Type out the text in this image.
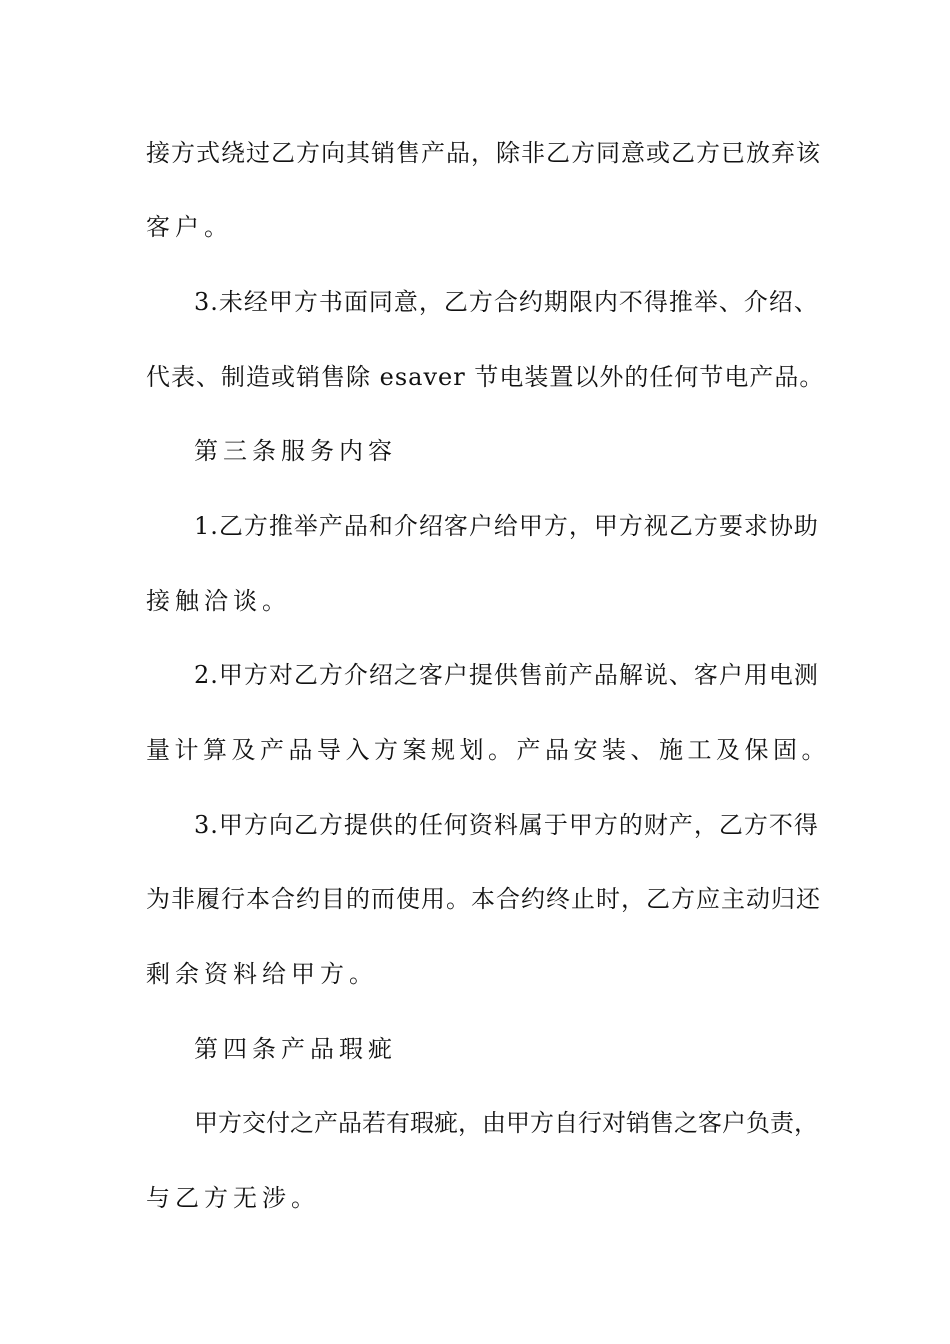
接方式绕过乙方向其销售产品，除非乙方同意或乙方已放弃该
客户。
3.未经甲方书面同意，乙方合约期限内不得推举、介绍、
代表、制造或销售除 esaver 节电装置以外的任何节电产品。
第三条服务内容
1.乙方推举产品和介绍客户给甲方，甲方视乙方要求协助
接触洽谈。
2.甲方对乙方介绍之客户提供售前产品解说、客户用电测
量计算及产品导入方案规划。产品安装、施工及保固。
3.甲方向乙方提供的任何资料属于甲方的财产，乙方不得
为非履行本合约目的而使用。本合约终止时，乙方应主动归还
剩余资料给甲方。
第四条产品瑕疵
甲方交付之产品若有瑕疵，由甲方自行对销售之客户负责，
与乙方无涉。
